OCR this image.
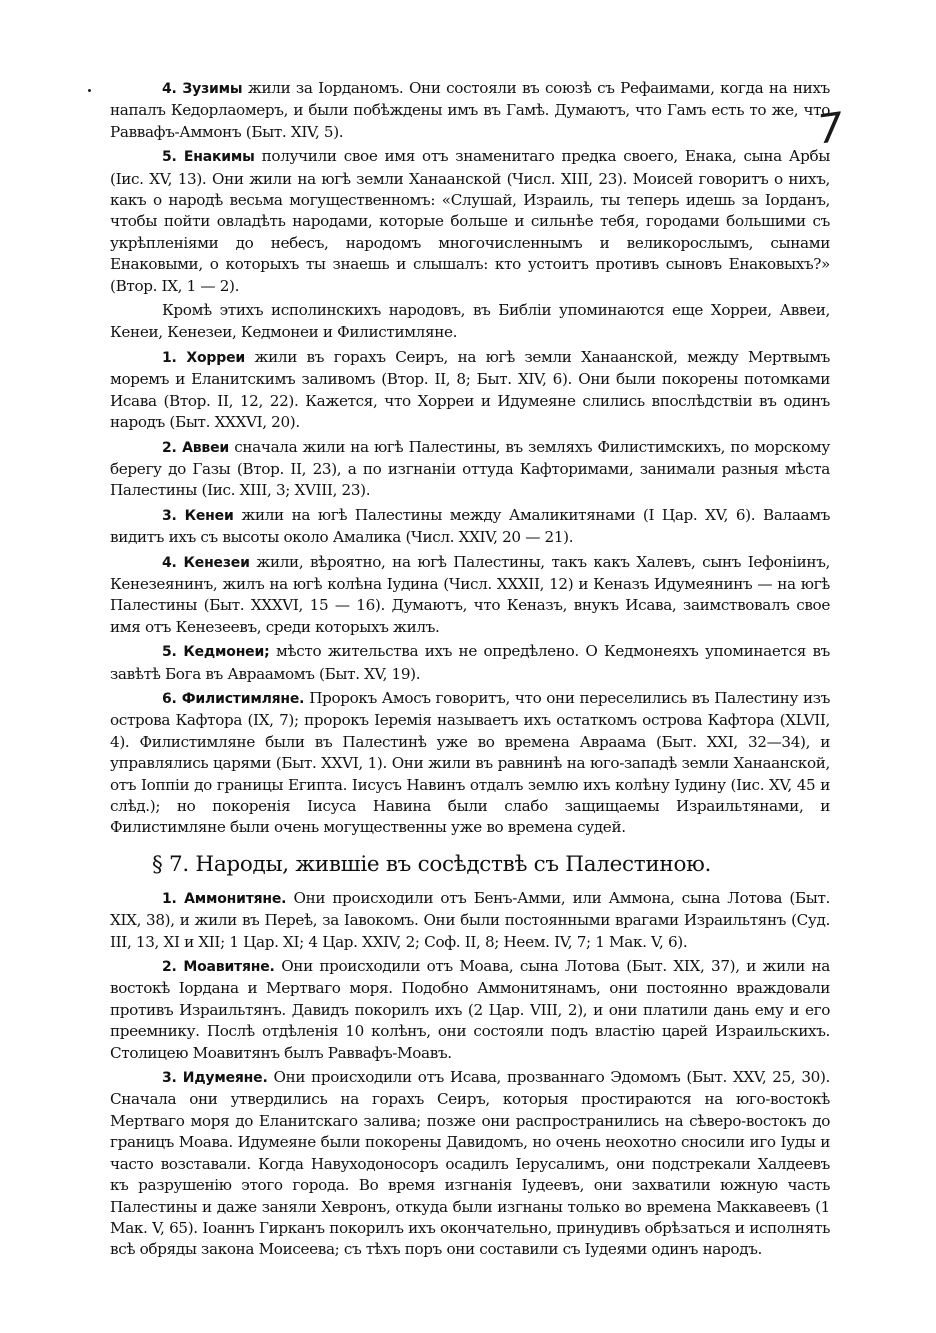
7

4. Зузимы жили за Iорданомъ. Они состояли въ союзѣ съ Рефаимами, когда на нихъ напалъ Кедорлаомеръ, и были побѣждены имъ въ Гамѣ. Думаютъ, что Гамъ есть то же, что Раввафъ-Аммонъ (Быт. XIV, 5).

5. Енакимы получили свое имя отъ знаменитаго предка своего, Енака, сына Арбы (Iис. XV, 13). Они жили на югѣ земли Ханаанской (Числ. XIII, 23). Моисей говоритъ о нихъ, какъ о народѣ весьма могущественномъ: «Слушай, Израиль, ты теперь идешь за Iорданъ, чтобы пойти овладѣть народами, которые больше и сильнѣе тебя, городами большими съ укрѣпленiями до небесъ, народомъ многочисленнымъ и великорослымъ, сынами Енаковыми, о которыхъ ты знаешь и слышалъ: кто устоитъ противъ сыновъ Енаковыхъ?» (Втор. IX, 1 — 2).

Кромѣ этихъ исполинскихъ народовъ, въ Библiи упоминаются еще Хорреи, Аввеи, Кенеи, Кенезеи, Кедмонеи и Филистимляне.

1. Хорреи жили въ горахъ Сеиръ, на югѣ земли Ханаанской, между Мертвымъ моремъ и Еланитскимъ заливомъ (Втор. II, 8; Быт. XIV, 6). Они были покорены потомками Исава (Втор. II, 12, 22). Кажется, что Хорреи и Идумеяне слились впослѣдствiи въ одинъ народъ (Быт. XXXVI, 20).

2. Аввеи сначала жили на югѣ Палестины, въ земляхъ Филистимскихъ, по морскому берегу до Газы (Втор. II, 23), а по изгнанiи оттуда Кафторимами, занимали разныя мѣста Палестины (Iис. XIII, 3; XVIII, 23).

3. Кенеи жили на югѣ Палестины между Амаликитянами (I Цар. XV, 6). Валаамъ видитъ ихъ съ высоты около Амалика (Числ. XXIV, 20 — 21).

4. Кенезеи жили, вѣроятно, на югѣ Палестины, такъ какъ Халевъ, сынъ Iефонiинъ, Кенезеянинъ, жилъ на югѣ колѣна Iудина (Числ. XXXII, 12) и Кеназъ Идумеянинъ — на югѣ Палестины (Быт. XXXVI, 15 — 16). Думаютъ, что Кеназъ, внукъ Исава, заимствовалъ свое имя отъ Кенезеевъ, среди которыхъ жилъ.

5. Кедмонеи; мѣсто жительства ихъ не опредѣлено. О Кедмонеяхъ упоминается въ завѣтѣ Бога въ Авраамомъ (Быт. XV, 19).

6. Филистимляне. Пророкъ Амосъ говоритъ, что они переселились въ Палестину изъ острова Кафтора (IX, 7); пророкъ Iеремiя называетъ ихъ остаткомъ острова Кафтора (XLVII, 4). Филистимляне были въ Палестинѣ уже во времена Авраама (Быт. XXI, 32—34), и управлялись царями (Быт. XXVI, 1). Они жили въ равнинѣ на юго-западѣ земли Ханаанской, отъ Iоппiи до границы Египта. Iисусъ Навинъ отдалъ землю ихъ колѣну Iудину (Iис. XV, 45 и слѣд.); но покоренiя Iисуса Навина были слабо защищаемы Израильтянами, и Филистимляне были очень могущественны уже во времена судей.

§ 7. Народы, жившiе въ сосѣдствѣ съ Палестиною.

1. Аммонитяне. Они происходили отъ Бенъ-Амми, или Аммона, сына Лотова (Быт. XIX, 38), и жили въ Переѣ, за Iавокомъ. Они были постоянными врагами Израильтянъ (Суд. III, 13, XI и XII; 1 Цар. XI; 4 Цар. XXIV, 2; Соф. II, 8; Неем. IV, 7; 1 Мак. V, 6).

2. Моавитяне. Они происходили отъ Моава, сына Лотова (Быт. XIX, 37), и жили на востокѣ Iордана и Мертваго моря. Подобно Аммонитянамъ, они постоянно враждовали противъ Израильтянъ. Давидъ покорилъ ихъ (2 Цар. VIII, 2), и они платили дань ему и его преемнику. Послѣ отдѣленiя 10 колѣнъ, они состояли подъ властiю царей Израильскихъ. Столицею Моавитянъ былъ Раввафъ-Моавъ.

3. Идумеяне. Они происходили отъ Исава, прозваннаго Эдомомъ (Быт. XXV, 25, 30). Сначала они утвердились на горахъ Сеиръ, которыя простираются на юго-востокѣ Мертваго моря до Еланитскаго залива; позже они распространились на сѣверо-востокъ до границъ Моава. Идумеяне были покорены Давидомъ, но очень неохотно сносили иго Iуды и часто возставали. Когда Навуходоносоръ осадилъ Iерусалимъ, они подстрекали Халдеевъ къ разрушенiю этого города. Во время изгнанiя Iудеевъ, они захватили южную часть Палестины и даже заняли Хевронъ, откуда были изгнаны только во времена Маккавеевъ (1 Мак. V, 65). Iоаннъ Гирканъ покорилъ ихъ окончательно, принудивъ обрѣзаться и исполнять всѣ обряды закона Моисеева; съ тѣхъ поръ они составили съ Iудеями одинъ народъ.
